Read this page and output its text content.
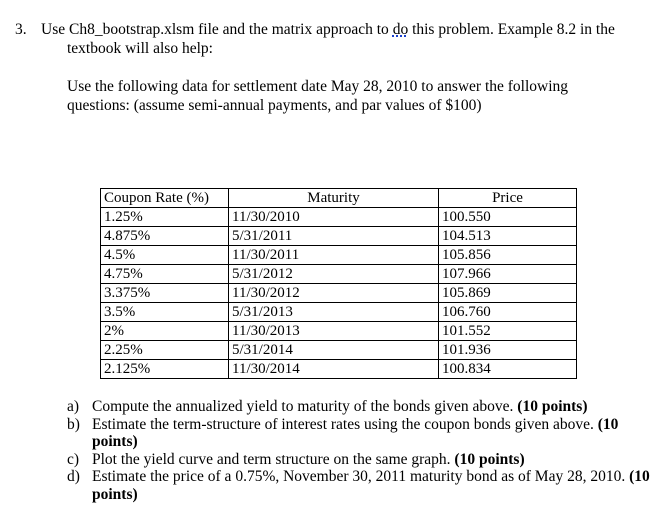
3. Use Ch8_bootstrap.xlsm file and the matrix approach to do this problem. Example 8.2 in the
textbook will also help:

Use the following data for settlement date May 28, 2010 to answer the following questions: (assume semi-annual payments, and par values of $100)

Coupon Rate (%)	Maturity	Price
1.25%	11/30/2010	100.550
4.875%	5/31/2011	104.513
4.5%	11/30/2011	105.856
4.75%	5/31/2012	107.966
3.375%	11/30/2012	105.869
3.5%	5/31/2013	106.760
2%	11/30/2013	101.552
2.25%	5/31/2014	101.936
2.125%	11/30/2014	100.834
a) Compute the annualized yield to maturity of the bonds given above. (10 points)
b) Estimate the term-structure of interest rates using the coupon bonds given above. (10 points)
c) Plot the yield curve and term structure on the same graph. (10 points)
d) Estimate the price of a 0.75%, November 30, 2011 maturity bond as of May 28, 2010. (10 points)
